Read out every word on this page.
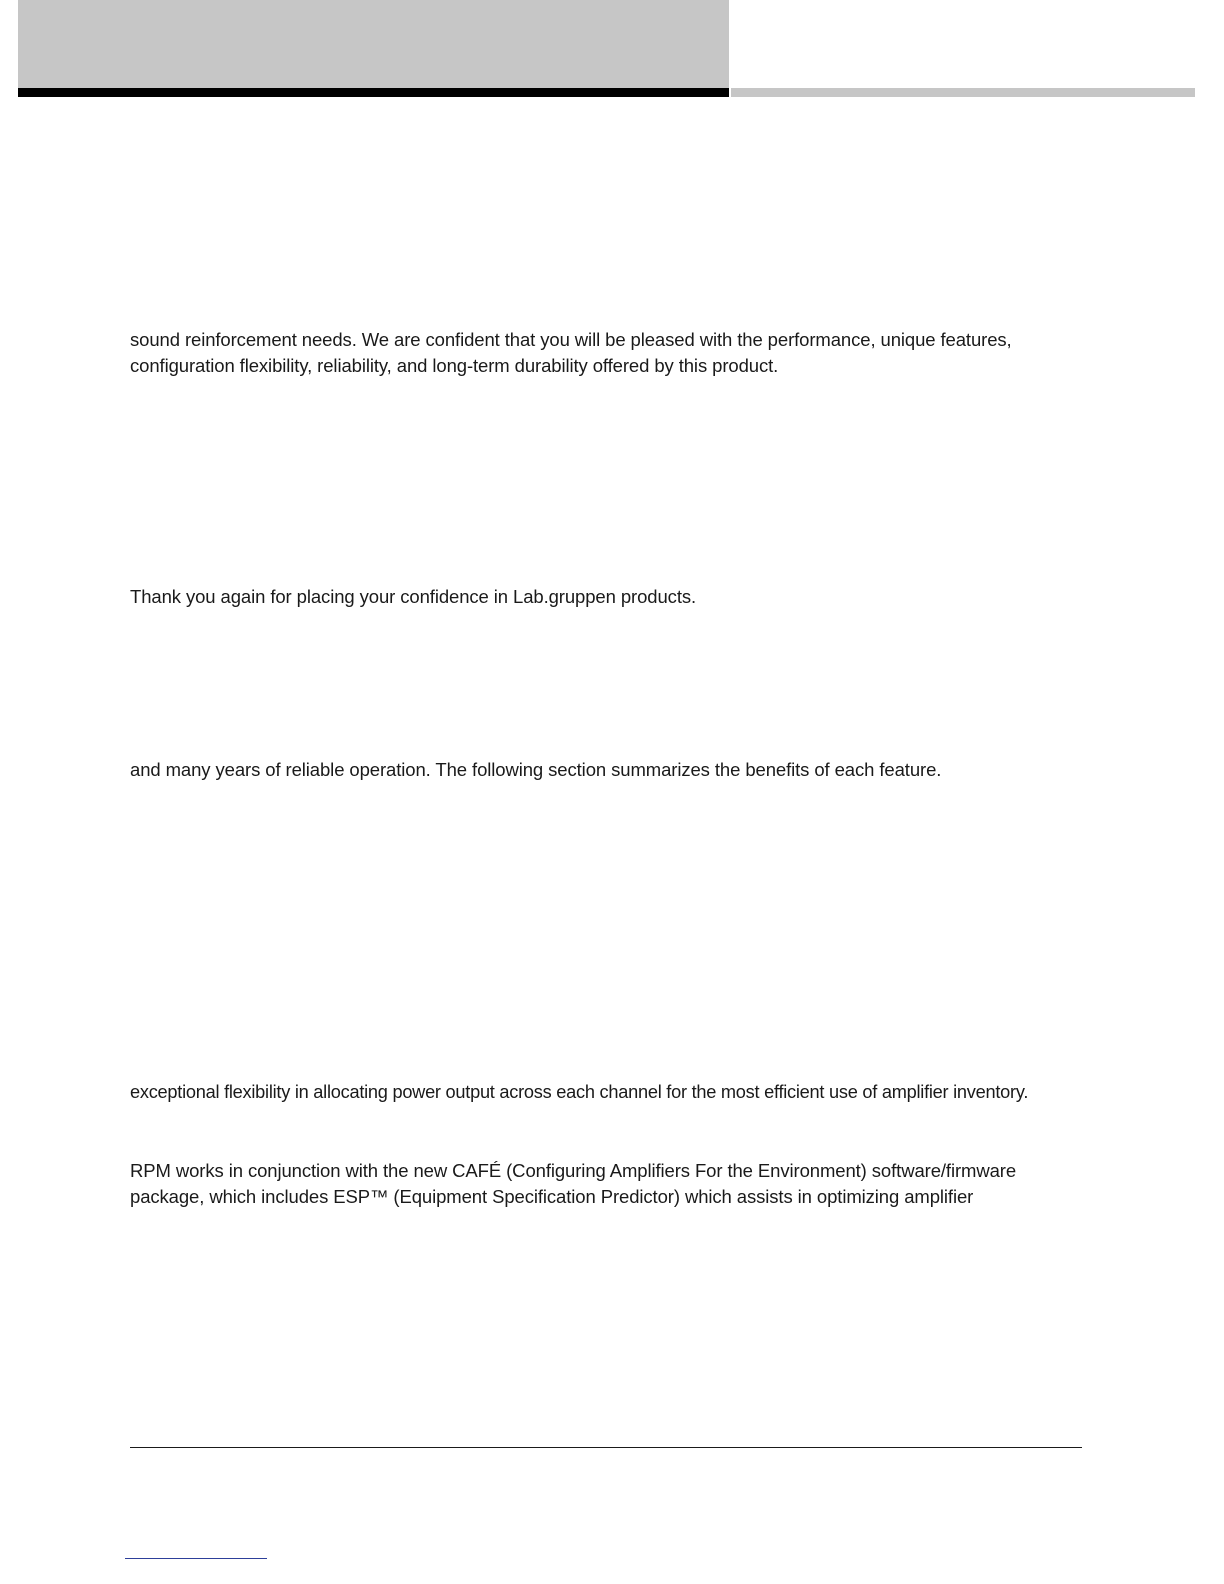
sound reinforcement needs. We are confident that you will be pleased with the performance, unique features,
configuration flexibility, reliability, and long-term durability offered by this product.

Thank you again for placing your confidence in Lab.gruppen products.

and many years of reliable operation. The following section summarizes the benefits of each feature.

exceptional flexibility in allocating power output across each channel for the most efficient use of amplifier inventory.

RPM works in conjunction with the new CAFÉ (Configuring Amplifiers For the Environment) software/firmware
package, which includes ESP™ (Equipment Specification Predictor) which assists in optimizing amplifier
